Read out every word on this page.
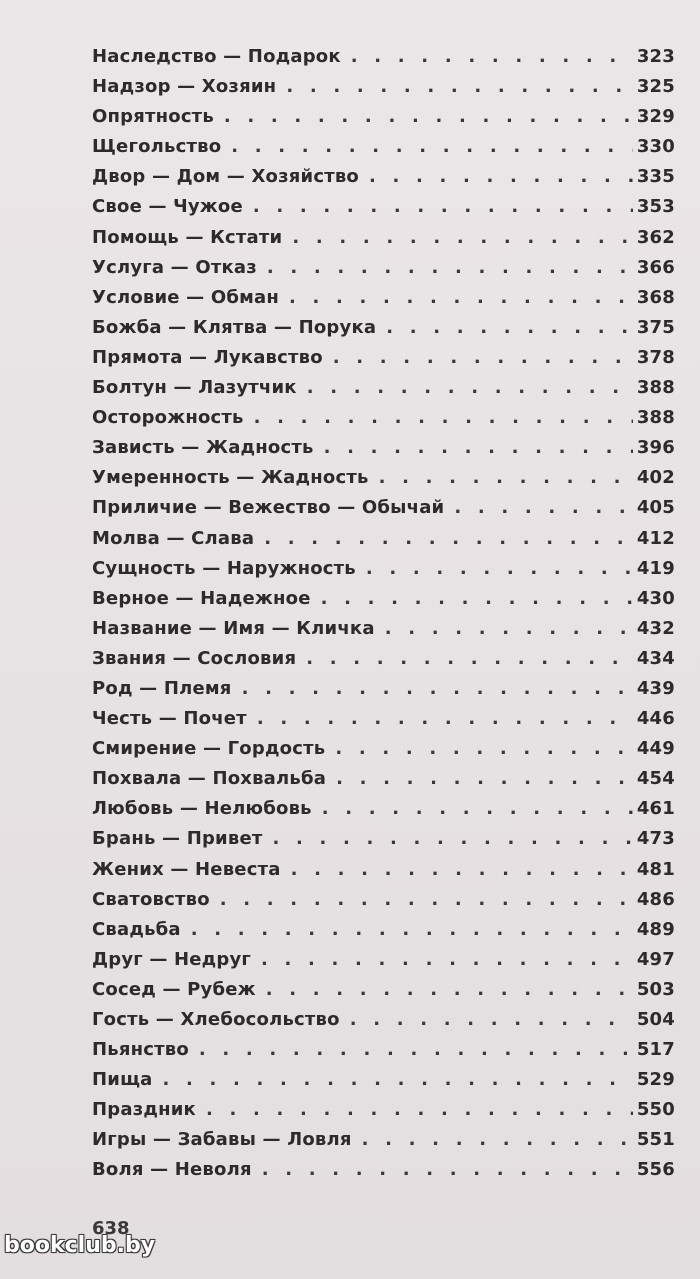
Наследство — Подарок . . .	323
Надзор — Хозяин . . .	325
Опрятность . . .	329
Щегольство . . .	330
Двор — Дом — Хозяйство . . .	335
Свое — Чужое . . .	353
Помощь — Кстати . . .	362
Услуга — Отказ . . .	366
Условие — Обман . . .	368
Божба — Клятва — Порука . . .	375
Прямота — Лукавство . . .	378
Болтун — Лазутчик . . .	388
Осторожность . . .	388
Зависть — Жадность . . .	396
Умеренность — Жадность . . .	402
Приличие — Вежество — Обычай . . .	405
Молва — Слава . . .	412
Сущность — Наружность . . .	419
Верное — Надежное . . .	430
Название — Имя — Кличка . . .	432
Звания — Сословия . . .	434
Род — Племя . . .	439
Честь — Почет . . .	446
Смирение — Гордость . . .	449
Похвала — Похвальба . . .	454
Любовь — Нелюбовь . . .	461
Брань — Привет . . .	473
Жених — Невеста . . .	481
Сватовство . . .	486
Свадьба . . .	489
Друг — Недруг . . .	497
Сосед — Рубеж . . .	503
Гость — Хлебосольство . . .	504
Пьянство . . .	517
Пища . . .	529
Праздник . . .	550
Игры — Забавы — Ловля . . .	551
Воля — Неволя . . .	556
638
bookclub.by
